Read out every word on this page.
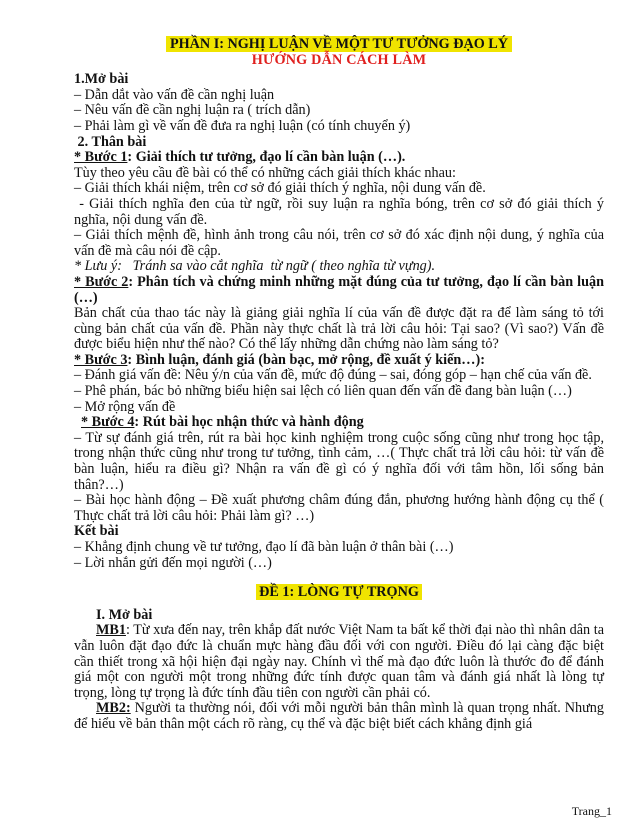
PHẦN I: NGHỊ LUẬN VỀ MỘT TƯ TƯỞNG ĐẠO LÝ
HƯỚNG DẪN CÁCH LÀM
1.Mở bài
– Dẫn dắt vào vấn đề cần nghị luận
– Nêu vấn đề cần nghị luận ra ( trích dẫn)
– Phải làm gì về vấn đề đưa ra nghị luận (có tính chuyển ý)
2. Thân bài
* Bước 1: Giải thích tư tưởng, đạo lí cần bàn luận (…).
Tùy theo yêu cầu đề bài có thể có những cách giải thích khác nhau:
– Giải thích khái niệm, trên cơ sở đó giải thích ý nghĩa, nội dung vấn đề.
- Giải thích nghĩa đen của từ ngữ, rồi suy luận ra nghĩa bóng, trên cơ sở đó giải thích ý nghĩa, nội dung vấn đề.
– Giải thích mệnh đề, hình ảnh trong câu nói, trên cơ sở đó xác định nội dung, ý nghĩa của vấn đề mà câu nói đề cập.
* Lưu ý:   Tránh sa vào cắt nghĩa  từ ngữ ( theo nghĩa từ vựng).
* Bước 2: Phân tích và chứng minh những mặt đúng của tư tưởng, đạo lí cần bàn luận (…)
Bản chất của thao tác này là giảng giải nghĩa lí của vấn đề được đặt ra để làm sáng tỏ tới cùng bản chất của vấn đề. Phần này thực chất là trả lời câu hỏi: Tại sao? (Vì sao?) Vấn đề được biểu hiện như thế nào? Có thể lấy những dẫn chứng nào làm sáng tỏ?
* Bước 3: Bình luận, đánh giá (bàn bạc, mở rộng, đề xuất ý kiến…):
– Đánh giá vấn đề: Nêu ý/n của vấn đề, mức độ đúng – sai, đóng góp – hạn chế của vấn đề.
– Phê phán, bác bỏ những biểu hiện sai lệch có liên quan đến vấn đề đang bàn luận (…)
– Mở rộng vấn đề
* Bước 4: Rút bài học nhận thức và hành động
– Từ sự đánh giá trên, rút ra bài học kinh nghiệm trong cuộc sống cũng như trong học tập, trong nhận thức cũng như trong tư tưởng, tình cảm, …( Thực chất trả lời câu hỏi: từ vấn đề bàn luận, hiểu ra điều gì? Nhận ra vấn đề gì có ý nghĩa đối với tâm hồn, lối sống bản thân?…)
– Bài học hành động – Đề xuất phương châm đúng đắn, phương hướng hành động cụ thể ( Thực chất trả lời câu hỏi: Phải làm gì? …)
Kết bài
– Khẳng định chung về tư tưởng, đạo lí đã bàn luận ở thân bài (…)
– Lời nhắn gửi đến mọi người (…)
ĐỀ 1: LÒNG TỰ TRỌNG
I. Mở bài

MB1: Từ xưa đến nay, trên khắp đất nước Việt Nam ta bất kể thời đại nào thì nhân dân ta vẫn luôn đặt đạo đức là chuẩn mực hàng đầu đối với con người. Điều đó lại càng đặc biệt cần thiết trong xã hội hiện đại ngày nay. Chính vì thế mà đạo đức luôn là thước đo để đánh giá một con người một trong những đức tính được quan tâm và đánh giá nhất là lòng tự trọng, lòng tự trọng là đức tính đầu tiên con người cần phải có.

MB2: Người ta thường nói, đối với mỗi người bản thân mình là quan trọng nhất. Nhưng để hiểu về bản thân một cách rõ ràng, cụ thể và đặc biệt biết cách khẳng định giá

Trang_1
